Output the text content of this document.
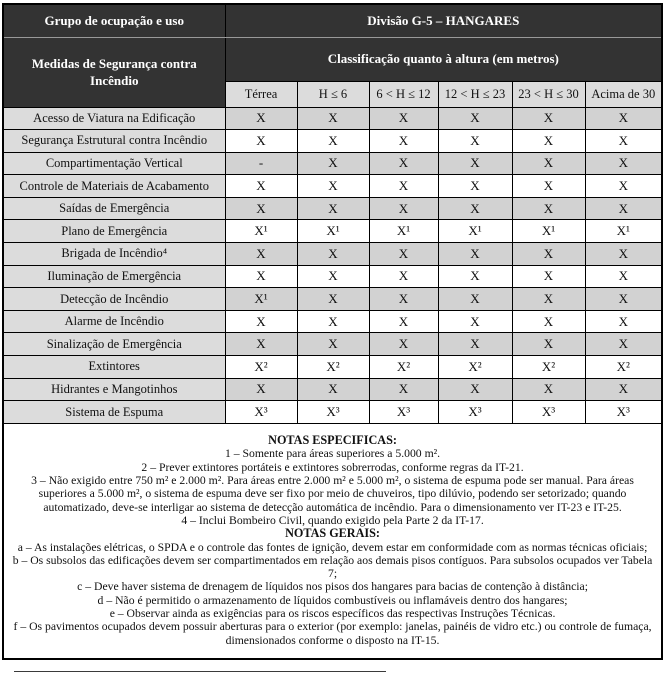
Grupo de ocupação e uso	Divisão G-5 – HANGARES					
Medidas de Segurança contra Incêndio	Classificação quanto à altura (em metros)					
	Térrea	H ≤ 6	6 < H ≤ 12	12 < H ≤ 23	23 < H ≤ 30	Acima de 30
Acesso de Viatura na Edificação	X	X	X	X	X	X
Segurança Estrutural contra Incêndio	X	X	X	X	X	X
Compartimentação Vertical	-	X	X	X	X	X
Controle de Materiais de Acabamento	X	X	X	X	X	X
Saídas de Emergência	X	X	X	X	X	X
Plano de Emergência	X¹	X¹	X¹	X¹	X¹	X¹
Brigada de Incêndio⁴	X	X	X	X	X	X
Iluminação de Emergência	X	X	X	X	X	X
Detecção de Incêndio	X¹	X	X	X	X	X
Alarme de Incêndio	X	X	X	X	X	X
Sinalização de Emergência	X	X	X	X	X	X
Extintores	X²	X²	X²	X²	X²	X²
Hidrantes e Mangotinhos	X	X	X	X	X	X
Sistema de Espuma	X³	X³	X³	X³	X³	X³

NOTAS ESPECIFICAS:
1 – Somente para áreas superiores a 5.000 m².
2 – Prever extintores portáteis e extintores sobrerrodas, conforme regras da IT-21.
3 – Não exigido entre 750 m² e 2.000 m². Para áreas entre 2.000 m² e 5.000 m², o sistema de espuma pode ser manual. Para áreas superiores a 5.000 m², o sistema de espuma deve ser fixo por meio de chuveiros, tipo dilúvio, podendo ser setorizado; quando automatizado, deve-se interligar ao sistema de detecção automática de incêndio. Para o dimensionamento ver IT-23 e IT-25.
4 – Inclui Bombeiro Civil, quando exigido pela Parte 2 da IT-17.
NOTAS GERAIS:
a – As instalações elétricas, o SPDA e o controle das fontes de ignição, devem estar em conformidade com as normas técnicas oficiais;
b – Os subsolos das edificações devem ser compartimentados em relação aos demais pisos contíguos. Para subsolos ocupados ver Tabela 7;
c – Deve haver sistema de drenagem de líquidos nos pisos dos hangares para bacias de contenção à distância;
d – Não é permitido o armazenamento de líquidos combustíveis ou inflamáveis dentro dos hangares;
e – Observar ainda as exigências para os riscos específicos das respectivas Instruções Técnicas.
f – Os pavimentos ocupados devem possuir aberturas para o exterior (por exemplo: janelas, painéis de vidro etc.) ou controle de fumaça, dimensionados conforme o disposto na IT-15.
